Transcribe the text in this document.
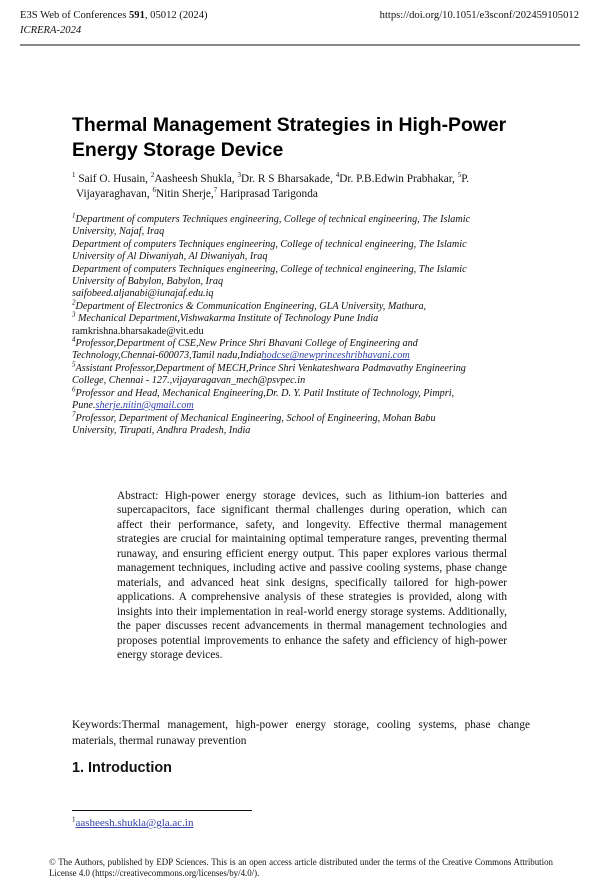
E3S Web of Conferences 591, 05012 (2024)
ICRERA-2024
https://doi.org/10.1051/e3sconf/202459105012
Thermal Management Strategies in High-Power Energy Storage Device
$^1$ Saif O. Husain, $^2$Aasheesh Shukla, $^3$Dr. R S Bharsakade, $^4$Dr. P.B.Edwin Prabhakar, $^5$P.
Vijayaraghavan, $^6$Nitin Sherje,$^7$ Hariprasad Tarigonda
$^1$Department of computers Techniques engineering, College of technical engineering, The Islamic
University, Najaf, Iraq
Department of computers Techniques engineering, College of technical engineering, The Islamic
University of Al Diwaniyah, Al Diwaniyah, Iraq
Department of computers Techniques engineering, College of technical engineering, The Islamic
University of Babylon, Babylon, Iraq
saifobeed.aljanabi@iunajaf.edu.iq
$^2$Department of Electronics & Communication Engineering, GLA University, Mathura,
$^3$ Mechanical Department,Vishwakarma Institute of Technology Pune India
ramkrishna.bharsakade@vit.edu
$^4$Professor,Department of CSE,New Prince Shri Bhavani College of Engineering and
Technology,Chennai-600073,Tamil nadu,Indiahodcse@newprinceshribhavani.com
$^5$Assistant Professor,Department of MECH,Prince Shri Venkateshwara Padmavathy Engineering
College, Chennai - 127.,vijayaragavan_mech@psvpec.in
$^6$Professor and Head, Mechanical Engineering,Dr. D. Y. Patil Institute of Technology, Pimpri,
Pune.sherje.nitin@gmail.com
$^7$Professor, Department of Mechanical Engineering, School of Engineering, Mohan Babu
University, Tirupati, Andhra Pradesh, India

Abstract: High-power energy storage devices, such as lithium-ion batteries and supercapacitors, face significant thermal challenges during operation, which can affect their performance, safety, and longevity. Effective thermal management strategies are crucial for maintaining optimal temperature ranges, preventing thermal runaway, and ensuring efficient energy output. This paper explores various thermal management techniques, including active and passive cooling systems, phase change materials, and advanced heat sink designs, specifically tailored for high-power applications. A comprehensive analysis of these strategies is provided, along with insights into their implementation in real-world energy storage systems. Additionally, the paper discusses recent advancements in thermal management technologies and proposes potential improvements to enhance the safety and efficiency of high-power energy storage devices.

Keywords:Thermal management, high-power energy storage, cooling systems, phase change materials, thermal runaway prevention

1. Introduction
$^1$aasheesh.shukla@gla.ac.in

© The Authors, published by EDP Sciences. This is an open access article distributed under the terms of the Creative Commons Attribution License 4.0 (https://creativecommons.org/licenses/by/4.0/).
